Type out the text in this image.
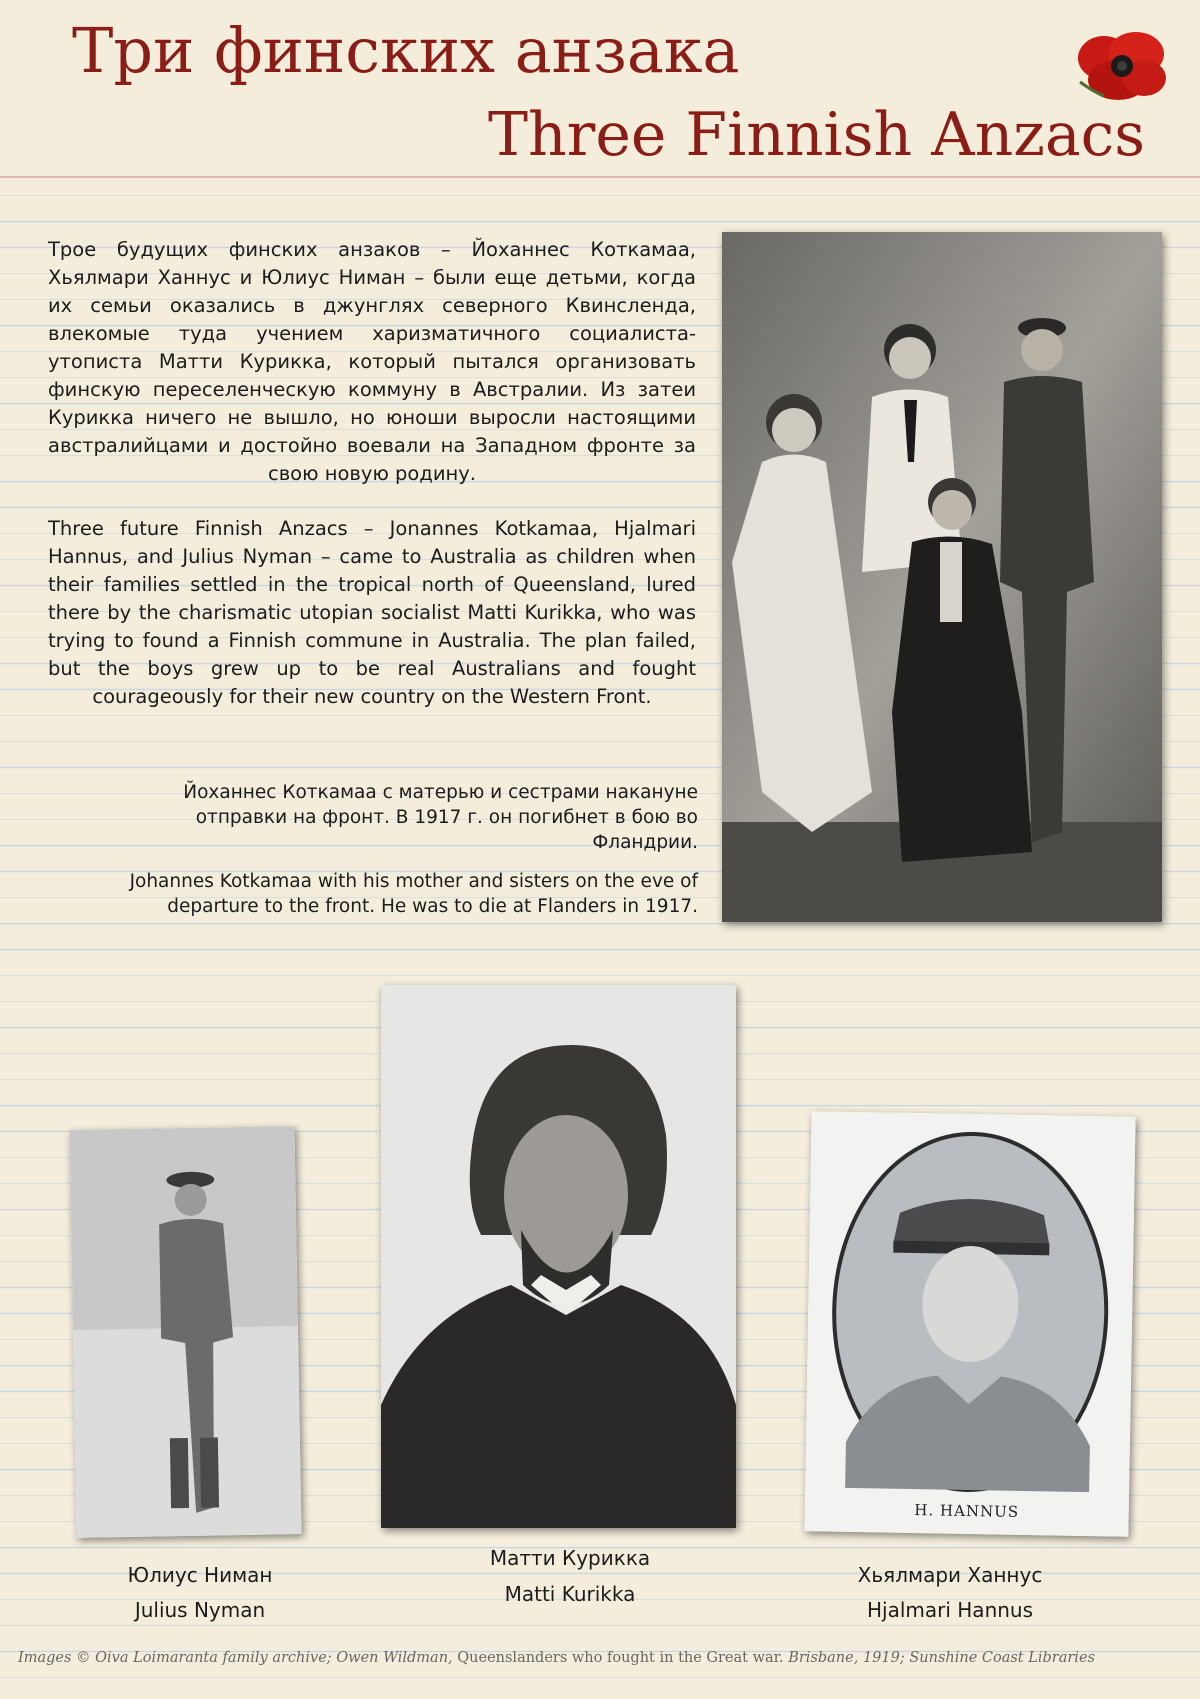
Три финских анзака
Three Finnish Anzacs

Трое будущих финских анзаков – Йоханнес Коткамаа, Хьялмари Ханнус и Юлиус Ниман – были еще детьми, когда их семьи оказались в джунглях северного Квинсленда, влекомые туда учением харизматичного социалиста-утописта Матти Курикка, который пытался организовать финскую переселенческую коммуну в Австралии. Из затеи Курикка ничего не вышло, но юноши выросли настоящими австралийцами и достойно воевали на Западном фронте за свою новую родину.

Three future Finnish Anzacs – Jonannes Kotkamaa, Hjalmari Hannus, and Julius Nyman – came to Australia as children when their families settled in the tropical north of Queensland, lured there by the charismatic utopian socialist Matti Kurikka, who was trying to found a Finnish commune in Australia. The plan failed, but the boys grew up to be real Australians and fought courageously for their new country on the Western Front.

Йоханнес Коткамаа с матерью и сестрами накануне отправки на фронт. В 1917 г. он погибнет в бою во Фландрии.

Johannes Kotkamaa with his mother and sisters on the eve of departure to the front. He was to die at Flanders in 1917.

H. HANNUS
Юлиус Ниман
Julius Nyman
Матти Курикка
Matti Kurikka
Хьялмари Ханнус
Hjalmari Hannus
Images © Oiva Loimaranta family archive; Owen Wildman, Queenslanders who fought in the Great war. Brisbane, 1919; Sunshine Coast Libraries
